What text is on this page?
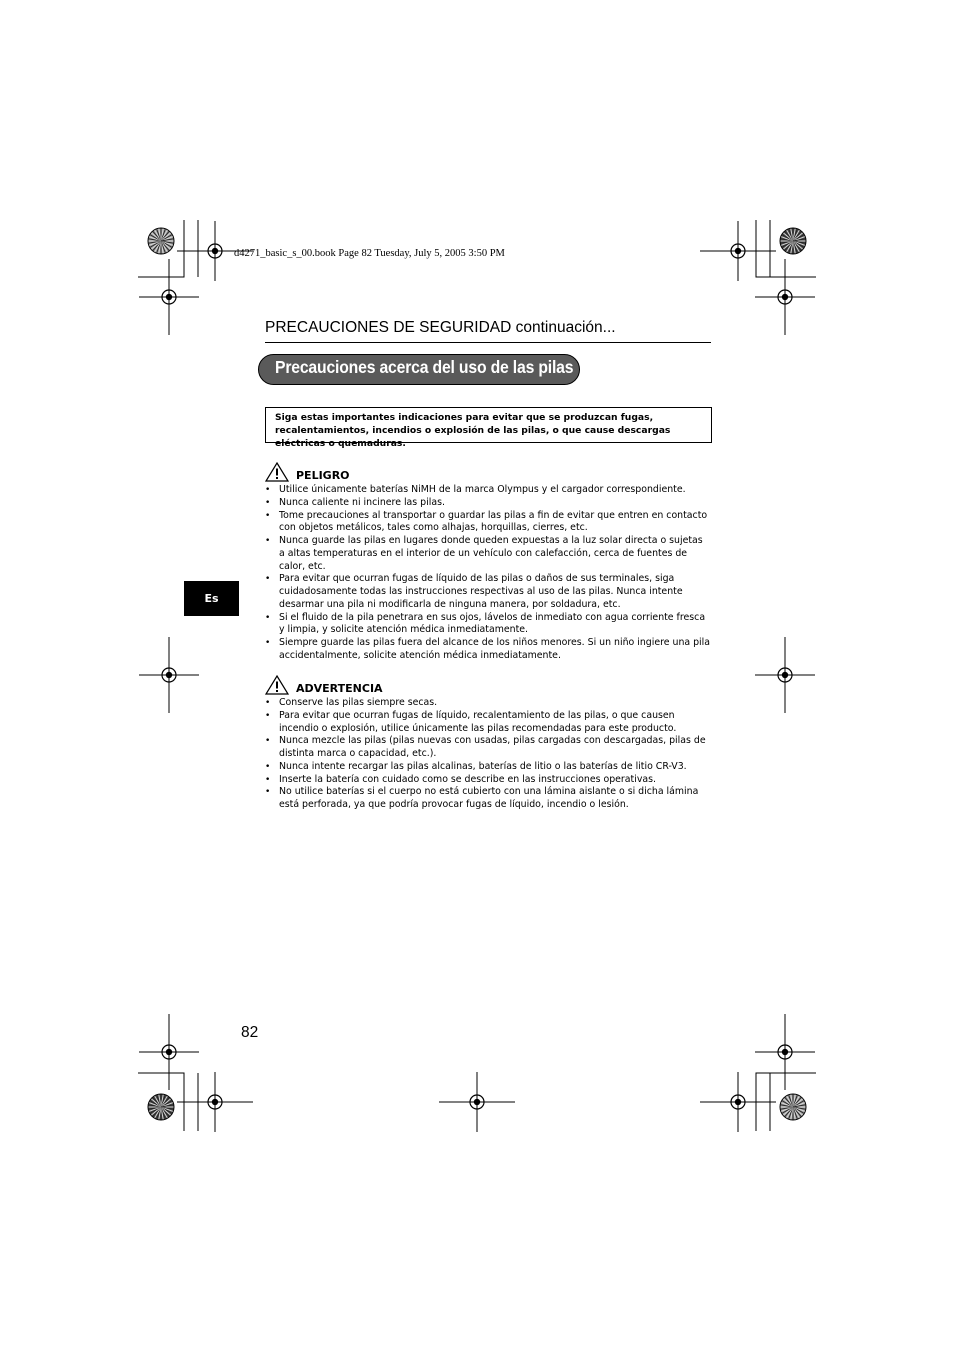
d4271_basic_s_00.book Page 82 Tuesday, July 5, 2005 3:50 PM
PRECAUCIONES DE SEGURIDAD continuación...
Precauciones acerca del uso de las pilas
Siga estas importantes indicaciones para evitar que se produzcan fugas, recalentamientos, incendios o explosión de las pilas, o que cause descargas eléctricas o quemaduras.
Es
PELIGRO
• Utilice únicamente baterías NiMH de la marca Olympus y el cargador correspondiente.
• Nunca caliente ni incinere las pilas.
• Tome precauciones al transportar o guardar las pilas a fin de evitar que entren en contacto con objetos metálicos, tales como alhajas, horquillas, cierres, etc.
• Nunca guarde las pilas en lugares donde queden expuestas a la luz solar directa o sujetas a altas temperaturas en el interior de un vehículo con calefacción, cerca de fuentes de calor, etc.
• Para evitar que ocurran fugas de líquido de las pilas o daños de sus terminales, siga cuidadosamente todas las instrucciones respectivas al uso de las pilas. Nunca intente desarmar una pila ni modificarla de ninguna manera, por soldadura, etc.
• Si el fluido de la pila penetrara en sus ojos, lávelos de inmediato con agua corriente fresca y limpia, y solicite atención médica inmediatamente.
• Siempre guarde las pilas fuera del alcance de los niños menores. Si un niño ingiere una pila accidentalmente, solicite atención médica inmediatamente.
ADVERTENCIA
• Conserve las pilas siempre secas.
• Para evitar que ocurran fugas de líquido, recalentamiento de las pilas, o que causen incendio o explosión, utilice únicamente las pilas recomendadas para este producto.
• Nunca mezcle las pilas (pilas nuevas con usadas, pilas cargadas con descargadas, pilas de distinta marca o capacidad, etc.).
• Nunca intente recargar las pilas alcalinas, baterías de litio o las baterías de litio CR-V3.
• Inserte la batería con cuidado como se describe en las instrucciones operativas.
• No utilice baterías si el cuerpo no está cubierto con una lámina aislante o si dicha lámina está perforada, ya que podría provocar fugas de líquido, incendio o lesión.
82
